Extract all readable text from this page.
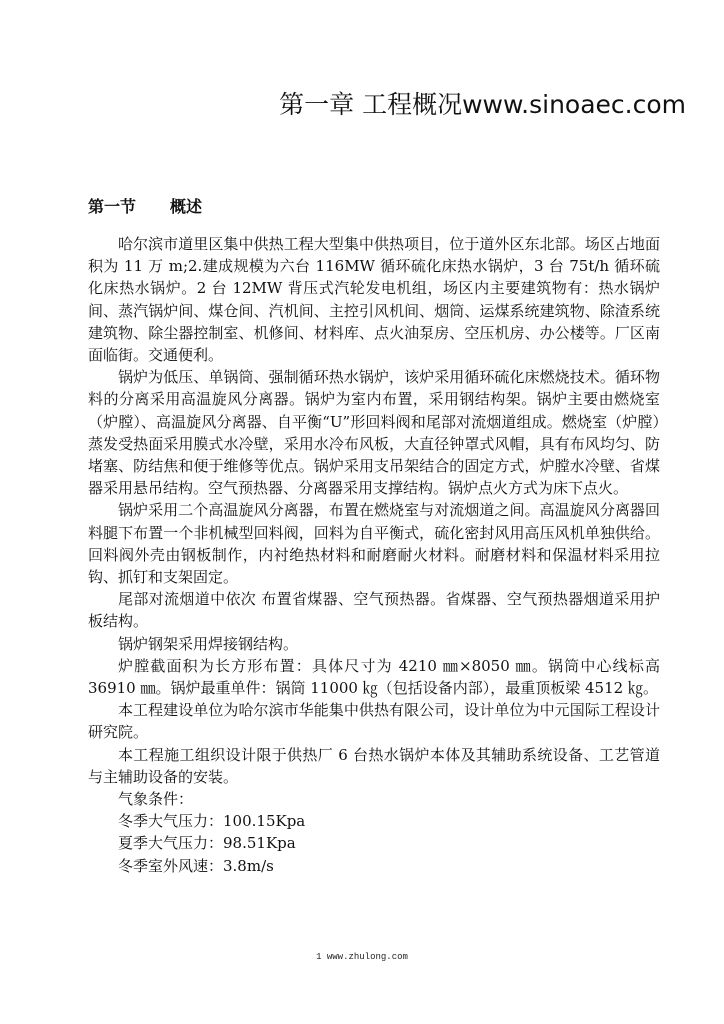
第一章 工程概况www.sinoaec.com
第一节 概述

哈尔滨市道里区集中供热工程大型集中供热项目，位于道外区东北部。场区占地面积为 11 万 m;2.建成规模为六台 116MW 循环硫化床热水锅炉，3 台 75t/h 循环硫化床热水锅炉。2 台 12MW 背压式汽轮发电机组，场区内主要建筑物有：热水锅炉间、蒸汽锅炉间、煤仓间、汽机间、主控引风机间、烟筒、运煤系统建筑物、除渣系统建筑物、除尘器控制室、机修间、材料库、点火油泵房、空压机房、办公楼等。厂区南面临街。交通便利。

锅炉为低压、单锅筒、强制循环热水锅炉，该炉采用循环硫化床燃烧技术。循环物料的分离采用高温旋风分离器。锅炉为室内布置，采用钢结构架。锅炉主要由燃烧室（炉膛）、高温旋风分离器、自平衡“U”形回料阀和尾部对流烟道组成。燃烧室（炉膛）蒸发受热面采用膜式水冷壁，采用水冷布风板，大直径钟罩式风帽，具有布风均匀、防堵塞、防结焦和便于维修等优点。锅炉采用支吊架结合的固定方式，炉膛水冷壁、省煤器采用悬吊结构。空气预热器、分离器采用支撑结构。锅炉点火方式为床下点火。

锅炉采用二个高温旋风分离器，布置在燃烧室与对流烟道之间。高温旋风分离器回料腿下布置一个非机械型回料阀，回料为自平衡式，硫化密封风用高压风机单独供给。回料阀外壳由钢板制作，内衬绝热材料和耐磨耐火材料。耐磨材料和保温材料采用拉钩、抓钉和支架固定。

尾部对流烟道中依次 布置省煤器、空气预热器。省煤器、空气预热器烟道采用护板结构。

锅炉钢架采用焊接钢结构。

炉膛截面积为长方形布置：具体尺寸为 4210 ㎜×8050 ㎜。锅筒中心线标高 36910 ㎜。锅炉最重单件：锅筒 11000 ㎏（包括设备内部），最重顶板梁 4512 ㎏。

本工程建设单位为哈尔滨市华能集中供热有限公司，设计单位为中元国际工程设计研究院。

本工程施工组织设计限于供热厂 6 台热水锅炉本体及其辅助系统设备、工艺管道与主辅助设备的安装。

气象条件：

冬季大气压力：100.15Kpa

夏季大气压力：98.51Kpa

冬季室外风速：3.8m/s

1 www.zhulong.com
